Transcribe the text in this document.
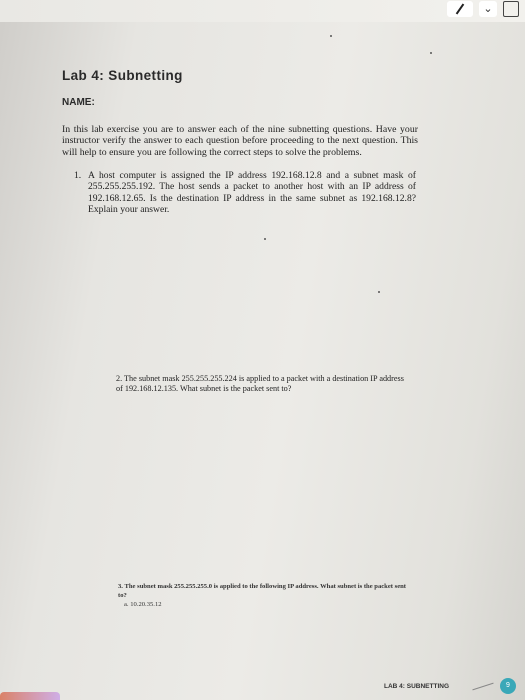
⌄
Lab 4: Subnetting
NAME:
In this lab exercise you are to answer each of the nine subnetting questions. Have your instructor verify the answer to each question before proceeding to the next question. This will help to ensure you are following the correct steps to solve the problems.
1. A host computer is assigned the IP address 192.168.12.8 and a subnet mask of 255.255.255.192. The host sends a packet to another host with an IP address of 192.168.12.65. Is the destination IP address in the same subnet as 192.168.12.8? Explain your answer.
2. The subnet mask 255.255.255.224 is applied to a packet with a destination IP address of 192.168.12.135. What subnet is the packet sent to?
3. The subnet mask 255.255.255.0 is applied to the following IP address. What subnet is the packet sent to?
a. 10.20.35.12
LAB 4: SUBNETTING	9
